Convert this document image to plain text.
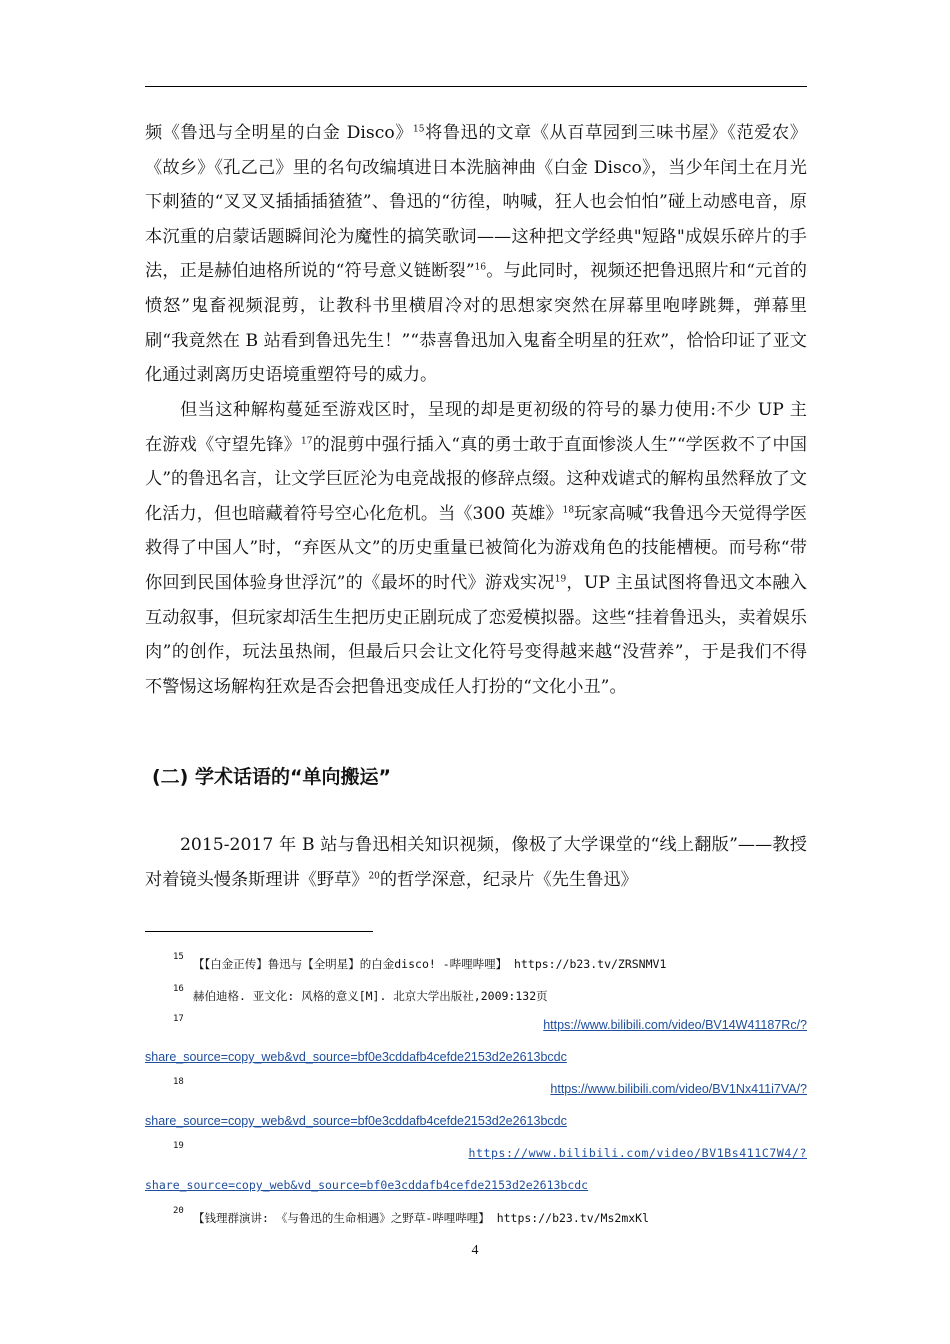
频《鲁迅与全明星的白金 Disco》$^{15}$将鲁迅的文章《从百草园到三味书屋》《范爱农》《故乡》《孔乙己》里的名句改编填进日本洗脑神曲《白金 Disco》，当少年闰土在月光下刺猹的“叉叉叉插插插猹猹”、鲁迅的“彷徨，呐喊，狂人也会怕怕”碰上动感电音，原本沉重的启蒙话题瞬间沦为魔性的搞笑歌词——这种把文学经典"短路"成娱乐碎片的手法，正是赫伯迪格所说的“符号意义链断裂”$^{16}$。与此同时，视频还把鲁迅照片和“元首的愤怒”鬼畜视频混剪，让教科书里横眉冷对的思想家突然在屏幕里咆哮跳舞，弹幕里刷“我竟然在 B 站看到鲁迅先生！”“恭喜鲁迅加入鬼畜全明星的狂欢”，恰恰印证了亚文化通过剥离历史语境重塑符号的威力。

但当这种解构蔓延至游戏区时，呈现的却是更初级的符号的暴力使用:不少 UP 主在游戏《守望先锋》$^{17}$的混剪中强行插入“真的勇士敢于直面惨淡人生”“学医救不了中国人”的鲁迅名言，让文学巨匠沦为电竞战报的修辞点缀。这种戏谑式的解构虽然释放了文化活力，但也暗藏着符号空心化危机。当《300 英雄》$^{18}$玩家高喊“我鲁迅今天觉得学医救得了中国人”时，“弃医从文”的历史重量已被简化为游戏角色的技能槽梗。而号称“带你回到民国体验身世浮沉”的《最坏的时代》游戏实况$^{19}$，UP 主虽试图将鲁迅文本融入互动叙事，但玩家却活生生把历史正剧玩成了恋爱模拟器。这些“挂着鲁迅头，卖着娱乐肉”的创作，玩法虽热闹，但最后只会让文化符号变得越来越“没营养”，于是我们不得不警惕这场解构狂欢是否会把鲁迅变成任人打扮的“文化小丑”。

(二) 学术话语的“单向搬运”

2015-2017 年 B 站与鲁迅相关知识视频，像极了大学课堂的“线上翻版”——教授对着镜头慢条斯理讲《野草》$^{20}$的哲学深意，纪录片《先生鲁迅》

15 【【白金正传】鲁迅与【全明星】的白金disco! -哔哩哔哩】 https://b23.tv/ZRSNMV1
16 赫伯迪格. 亚文化: 风格的意义[M]. 北京大学出版社,2009:132页
17	https://www.bilibili.com/video/BV14W41187Rc/?
share_source=copy_web&vd_source=bf0e3cddafb4cefde2153d2e2613bcdc
18	https://www.bilibili.com/video/BV1Nx411i7VA/?
share_source=copy_web&vd_source=bf0e3cddafb4cefde2153d2e2613bcdc
19	https://www.bilibili.com/video/BV1Bs411C7W4/?
share_source=copy_web&vd_source=bf0e3cddafb4cefde2153d2e2613bcdc
20 【钱理群演讲: 《与鲁迅的生命相遇》之野草-哔哩哔哩】 https://b23.tv/Ms2mxKl
4
